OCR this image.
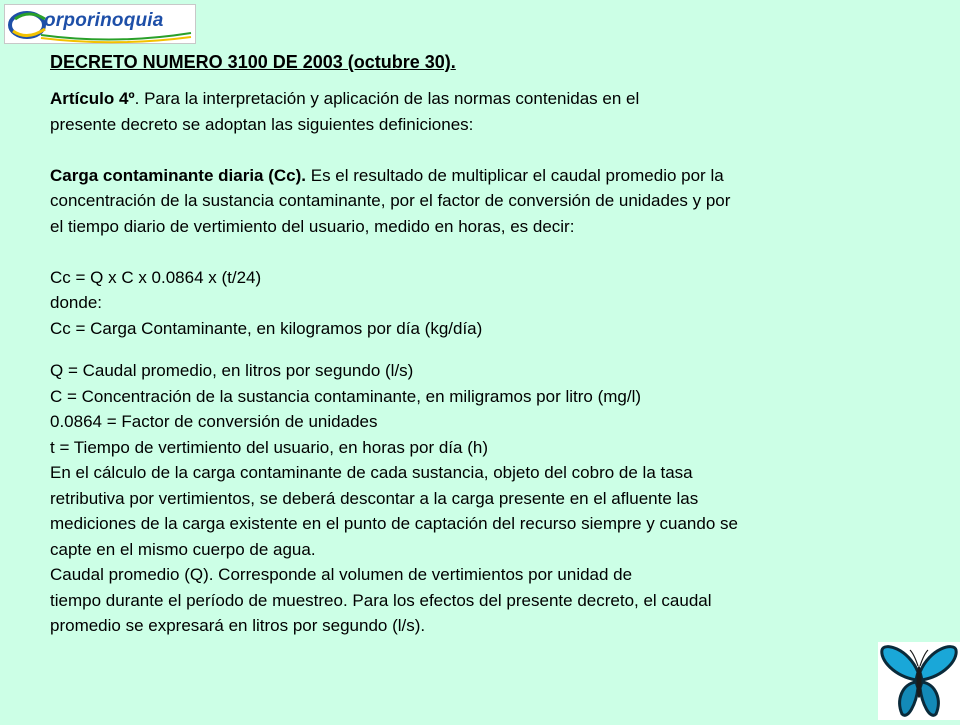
orporinoquia
DECRETO NUMERO 3100 DE 2003 (octubre 30).
Artículo 4º. Para la interpretación y aplicación de las normas contenidas en el
presente decreto se adoptan las siguientes definiciones:
Carga contaminante diaria (Cc). Es el resultado de multiplicar el caudal promedio por la
concentración de la sustancia contaminante, por el factor de conversión de unidades y por
el tiempo diario de vertimiento del usuario, medido en horas, es decir:
Cc = Q x C x 0.0864 x (t/24)
donde:
Cc = Carga Contaminante, en kilogramos por día (kg/día)
Q = Caudal promedio, en litros por segundo (l/s)
C = Concentración de la sustancia contaminante, en miligramos por litro (mg/l)
0.0864 = Factor de conversión de unidades
t = Tiempo de vertimiento del usuario, en horas por día (h)
En el cálculo de la carga contaminante de cada sustancia, objeto del cobro de la tasa
retributiva por vertimientos, se deberá descontar a la carga presente en el afluente las
mediciones de la carga existente en el punto de captación del recurso siempre y cuando se
capte en el mismo cuerpo de agua.
Caudal promedio (Q). Corresponde al volumen de vertimientos por unidad de
tiempo durante el período de muestreo. Para los efectos del presente decreto, el caudal
promedio se expresará en litros por segundo (l/s).
